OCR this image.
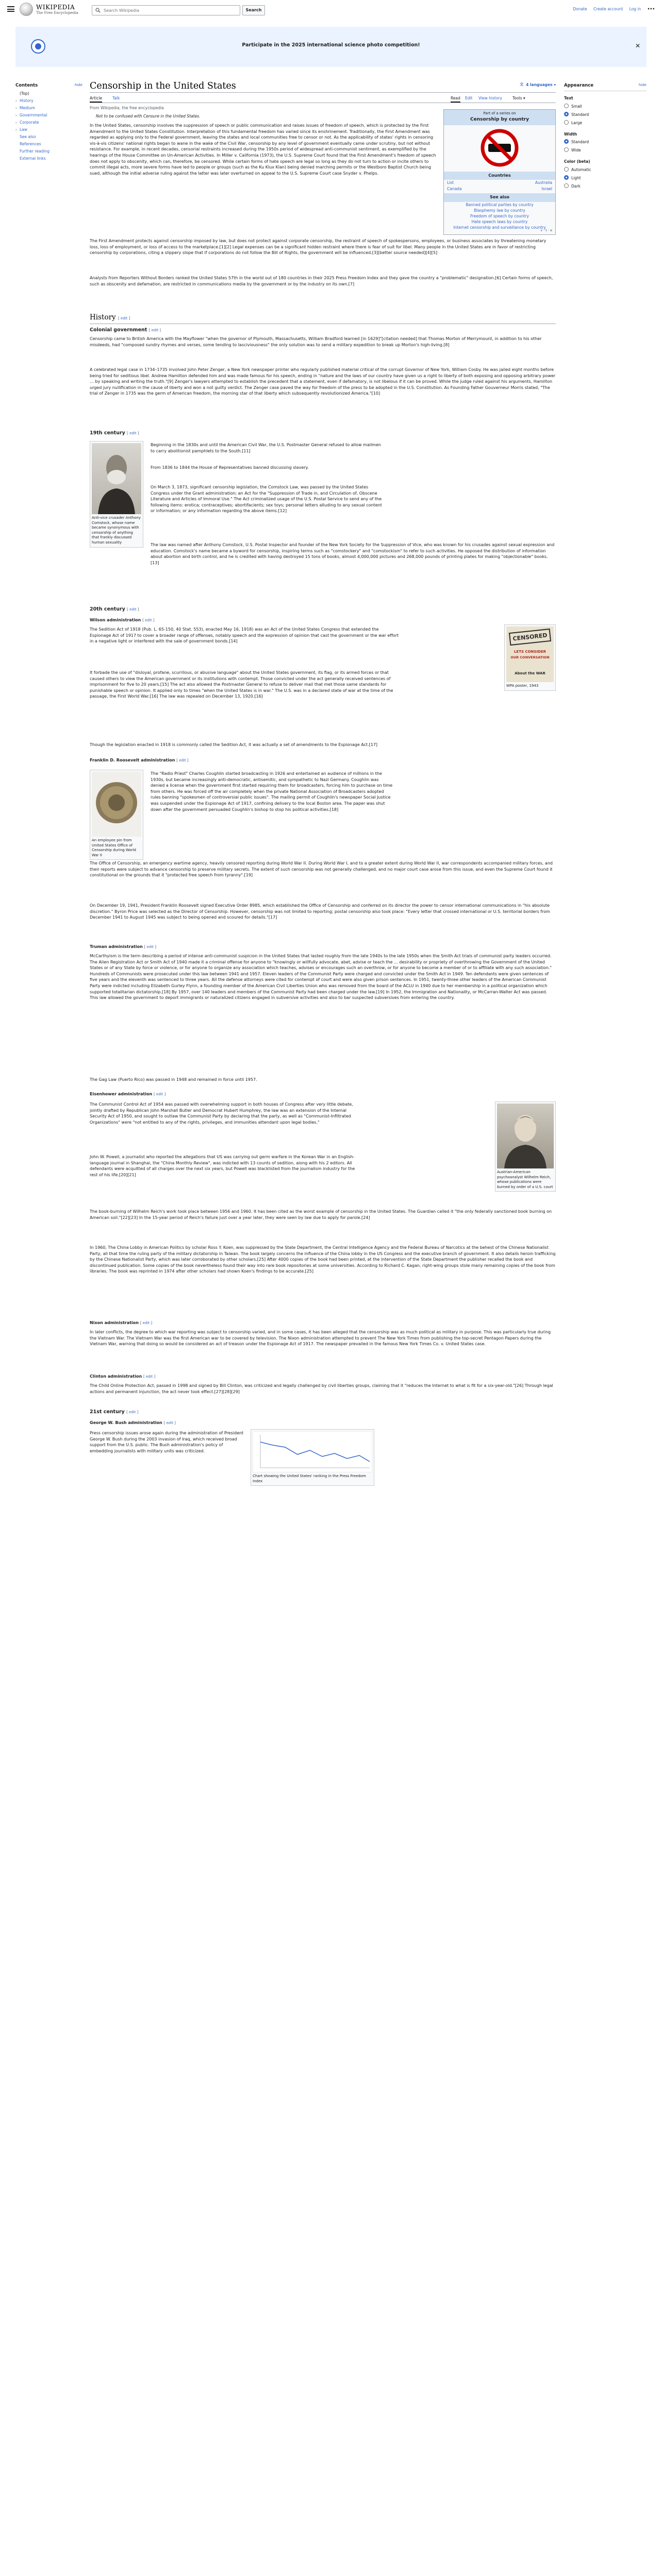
WIKIPEDIA
The Free Encyclopedia
Search Wikipedia
Search	Donate Create account Log in •••
Participate in the 2025 international science photo competition!	✕
Contents	hide
(Top)
› History
› Medium
› Governmental
› Corporate
› Law
See also
References
Further reading
External links
Appearance	hide
Text
Small
Standard
Large
Width
Standard
Wide
Color (beta)
Automatic
Light
Dark
Censorship in the United States	文 4 languages ▾
Article	Talk	Read Edit View history	Tools ▾
From Wikipedia, the free encyclopedia
Not to be confused with Censure in the United States.
Part of a series on
Censorship by country
Countries
List	Australia
Canada	Israel
See also
Banned political parties by country
Blasphemy law by country
Freedom of speech by country
Hate speech laws by country
Internet censorship and surveillance by country
v · t · e
In the United States, censorship involves the suppression of speech or public communication and raises issues of freedom of speech, which is protected by the First Amendment to the United States Constitution. Interpretation of this fundamental freedom has varied since its enshrinement. Traditionally, the First Amendment was regarded as applying only to the Federal government, leaving the states and local communities free to censor or not. As the applicability of states' rights in censoring vis-à-vis citizens' national rights began to wane in the wake of the Civil War, censorship by any level of government eventually came under scrutiny, but not without resistance. For example, in recent decades, censorial restraints increased during the 1950s period of widespread anti-communist sentiment, as exemplified by the hearings of the House Committee on Un-American Activities. In Miller v. California (1973), the U.S. Supreme Court found that the First Amendment's freedom of speech does not apply to obscenity, which can, therefore, be censored. While certain forms of hate speech are legal so long as they do not turn to action or incite others to commit illegal acts, more severe forms have led to people or groups (such as the Ku Klux Klan) being denied marching permits or the Westboro Baptist Church being sued, although the initial adverse ruling against the latter was later overturned on appeal to the U.S. Supreme Court case Snyder v. Phelps.
The First Amendment protects against censorship imposed by law, but does not protect against corporate censorship, the restraint of speech of spokespersons, employees, or business associates by threatening monetary loss, loss of employment, or loss of access to the marketplace.[1][2] Legal expenses can be a significant hidden restraint where there is fear of suit for libel. Many people in the United States are in favor of restricting censorship by corporations, citing a slippery slope that if corporations do not follow the Bill of Rights, the government will be influenced.[3][better source needed][4][5]
Analysts from Reporters Without Borders ranked the United States 57th in the world out of 180 countries in their 2025 Press Freedom Index and they gave the country a "problematic" designation.[6] Certain forms of speech, such as obscenity and defamation, are restricted in communications media by the government or by the industry on its own.[7]
History [ edit ]
Colonial government [ edit ]
Censorship came to British America with the Mayflower "when the governor of Plymouth, Massachusetts, William Bradford learned [in 1629]"[citation needed] that Thomas Morton of Merrymount, in addition to his other misdeeds, had "composed sundry rhymes and verses, some tending to lasciviousness" the only solution was to send a military expedition to break up Morton's high-living.[8]
A celebrated legal case in 1734–1735 involved John Peter Zenger, a New York newspaper printer who regularly published material critical of the corrupt Governor of New York, William Cosby. He was jailed eight months before being tried for seditious libel. Andrew Hamilton defended him and was made famous for his speech, ending in "nature and the laws of our country have given us a right to liberty of both exposing and opposing arbitrary power … by speaking and writing the truth."[9] Zenger's lawyers attempted to establish the precedent that a statement, even if defamatory, is not libelous if it can be proved. While the judge ruled against his arguments, Hamilton urged jury nullification in the cause of liberty and won a not guilty verdict. The Zenger case paved the way for freedom of the press to be adopted in the U.S. Constitution. As Founding Father Gouverneur Morris stated, "The trial of Zenger in 1735 was the germ of American freedom, the morning star of that liberty which subsequently revolutionized America."[10]
19th century [ edit ]
Anti-vice crusader Anthony Comstock, whose name became synonymous with censorship of anything that frankly discussed human sexuality
Beginning in the 1830s and until the American Civil War, the U.S. Postmaster General refused to allow mailmen to carry abolitionist pamphlets to the South.[11]
From 1836 to 1844 the House of Representatives banned discussing slavery.
On March 3, 1873, significant censorship legislation, the Comstock Law, was passed by the United States Congress under the Grant administration; an Act for the "Suppression of Trade in, and Circulation of, Obscene Literature and Articles of Immoral Use." The Act criminalized usage of the U.S. Postal Service to send any of the following items: erotica; contraceptives; abortifacients; sex toys; personal letters alluding to any sexual content or information; or any information regarding the above items.[12]
The law was named after Anthony Comstock, U.S. Postal Inspector and founder of the New York Society for the Suppression of Vice, who was known for his crusades against sexual expression and education. Comstock's name became a byword for censorship, inspiring terms such as "comstockery" and "comstockism" to refer to such activities. He opposed the distribution of information about abortion and birth control, and he is credited with having destroyed 15 tons of books, almost 4,000,000 pictures and 268,000 pounds of printing plates for making "objectionable" books.[13]
20th century [ edit ]
Wilson administration [ edit ]
The Sedition Act of 1918 (Pub. L. 65-150, 40 Stat. 553), enacted May 16, 1918) was an Act of the United States Congress that extended the Espionage Act of 1917 to cover a broader range of offenses, notably speech and the expression of opinion that cast the government or the war effort in a negative light or interfered with the sale of government bonds.[14]
It forbade the use of "disloyal, profane, scurrilous, or abusive language" about the United States government, its flag, or its armed forces or that caused others to view the American government or its institutions with contempt. Those convicted under the act generally received sentences of imprisonment for five to 20 years.[15] The act also allowed the Postmaster General to refuse to deliver mail that met those same standards for punishable speech or opinion. It applied only to times "when the United States is in war." The U.S. was in a declared state of war at the time of the passage, the First World War.[16] The law was repealed on December 13, 1920.[16]
Though the legislation enacted in 1918 is commonly called the Sedition Act, it was actually a set of amendments to the Espionage Act.[17]
CENSORED
LETS CONSIDER
OUR CONVERSATION
About the WAR
WPA poster, 1943
Franklin D. Roosevelt administration [ edit ]
An employee pin from United States Office of Censorship during World War II
The "Radio Priest" Charles Coughlin started broadcasting in 1926 and entertained an audience of millions in the 1930s, but became increasingly anti-democratic, antisemitic, and sympathetic to Nazi Germany. Coughlin was denied a license when the government first started requiring them for broadcasters, forcing him to purchase on time from others. He was forced off the air completely when the private National Association of Broadcasters adopted rules banning "spokesmen of controversial public issues". The mailing permit of Coughlin's newspaper Social Justice was suspended under the Espionage Act of 1917, confining delivery to the local Boston area. The paper was shut down after the government persuaded Coughlin's bishop to stop his political activities.[18]
The Office of Censorship, an emergency wartime agency, heavily censored reporting during World War II. During World War I, and to a greater extent during World War II, war correspondents accompanied military forces, and their reports were subject to advance censorship to preserve military secrets. The extent of such censorship was not generally challenged, and no major court case arose from this issue, and even the Supreme Court found it constitutional on the grounds that it "protected free speech from tyranny".[19]
On December 19, 1941, President Franklin Roosevelt signed Executive Order 8985, which established the Office of Censorship and conferred on its director the power to censor international communications in "his absolute discretion." Byron Price was selected as the Director of Censorship. However, censorship was not limited to reporting; postal censorship also took place: "Every letter that crossed international or U.S. territorial borders from December 1941 to August 1945 was subject to being opened and scoured for details."[17]
Truman administration [ edit ]
McCarthyism is the term describing a period of intense anti-communist suspicion in the United States that lasted roughly from the late 1940s to the late 1950s when the Smith Act trials of communist party leaders occurred. The Alien Registration Act or Smith Act of 1940 made it a criminal offense for anyone to "knowingly or willfully advocate, abet, advise or teach the ... desirability or propriety of overthrowing the Government of the United States or of any State by force or violence, or for anyone to organize any association which teaches, advises or encourages such an overthrow, or for anyone to become a member of or to affiliate with any such association." Hundreds of Communists were prosecuted under this law between 1941 and 1957. Eleven leaders of the Communist Party were charged and convicted under the Smith Act in 1949. Ten defendants were given sentences of five years and the eleventh was sentenced to three years. All the defense attorneys were cited for contempt of court and were also given prison sentences. In 1951, twenty-three other leaders of the American Communist Party were indicted including Elizabeth Gurley Flynn, a founding member of the American Civil Liberties Union who was removed from the board of the ACLU in 1940 due to her membership in a political organization which supported totalitarian dictatorship.[18] By 1957, over 140 leaders and members of the Communist Party had been charged under the law.[19] In 1952, the Immigration and Nationality, or McCarran-Walter Act was passed. This law allowed the government to deport immigrants or naturalized citizens engaged in subversive activities and also to bar suspected subversives from entering the country.
The Gag Law (Puerto Rico) was passed in 1948 and remained in force until 1957.
Eisenhower administration [ edit ]
The Communist Control Act of 1954 was passed with overwhelming support in both houses of Congress after very little debate, jointly drafted by Republican John Marshall Butler and Democrat Hubert Humphrey, the law was an extension of the Internal Security Act of 1950, and sought to outlaw the Communist Party by declaring that the party, as well as "Communist-Infiltrated Organizations" were "not entitled to any of the rights, privileges, and immunities attendant upon legal bodies."
John W. Powell, a journalist who reported the allegations that US was carrying out germ warfare in the Korean War in an English-language journal in Shanghai, the "China Monthly Review", was indicted with 13 counts of sedition, along with his 2 editors. All defendants were acquitted of all charges over the next six years, but Powell was blacklisted from the journalism industry for the rest of his life.[20][21]
The book-burning of Wilhelm Reich's work took place between 1956 and 1960. It has been cited as the worst example of censorship in the United States. The Guardian called it "the only federally sanctioned book burning on American soil."[22][23] In the 15-year period of Reich's failure just over a year later, they were seen by law due to apply for parole.[24]
In 1960, The China Lobby in American Politics by scholar Ross Y. Koen, was suppressed by the State Department, the Central Intelligence Agency and the Federal Bureau of Narcotics at the behest of the Chinese Nationalist Party, all that time the ruling party of the military dictatorship in Taiwan. The book largely concerns the influence of the China lobby in the US Congress and the executive branch of government. It also details heroin trafficking by the Chinese Nationalist Party, which was later corroborated by other scholars.[25] After 4000 copies of the book had been printed, at the intervention of the State Department the publisher recalled the book and discontinued publication. Some copies of the book nevertheless found their way into rare book repositories at some universities. According to Richard C. Kagan, right-wing groups stole many remaining copies of the book from libraries. The book was reprinted in 1974 after other scholars had shown Koen's findings to be accurate.[25]
Austrian-American psychoanalyst Wilhelm Reich, whose publications were burned by order of a U.S. court
Nixon administration [ edit ]
In later conflicts, the degree to which war reporting was subject to censorship varied, and in some cases, it has been alleged that the censorship was as much political as military in purpose. This was particularly true during the Vietnam War. The Vietnam War was the first American war to be covered by television. The Nixon administration attempted to prevent The New York Times from publishing the top-secret Pentagon Papers during the Vietnam War, warning that doing so would be considered an act of treason under the Espionage Act of 1917. The newspaper prevailed in the famous New York Times Co. v. United States case.
Clinton administration [ edit ]
The Child Online Protection Act, passed in 1998 and signed by Bill Clinton, was criticized and legally challenged by civil liberties groups, claiming that it "reduces the Internet to what is fit for a six-year-old."[26] Through legal actions and permanent injunction, the act never took effect.[27][28][29]
21st century [ edit ]
George W. Bush administration [ edit ]
Press censorship issues arose again during the administration of President George W. Bush during the 2003 invasion of Iraq, which received broad support from the U.S. public. The Bush administration's policy of embedding journalists with military units was criticized.
Chart showing the United States' ranking in the Press Freedom Index
